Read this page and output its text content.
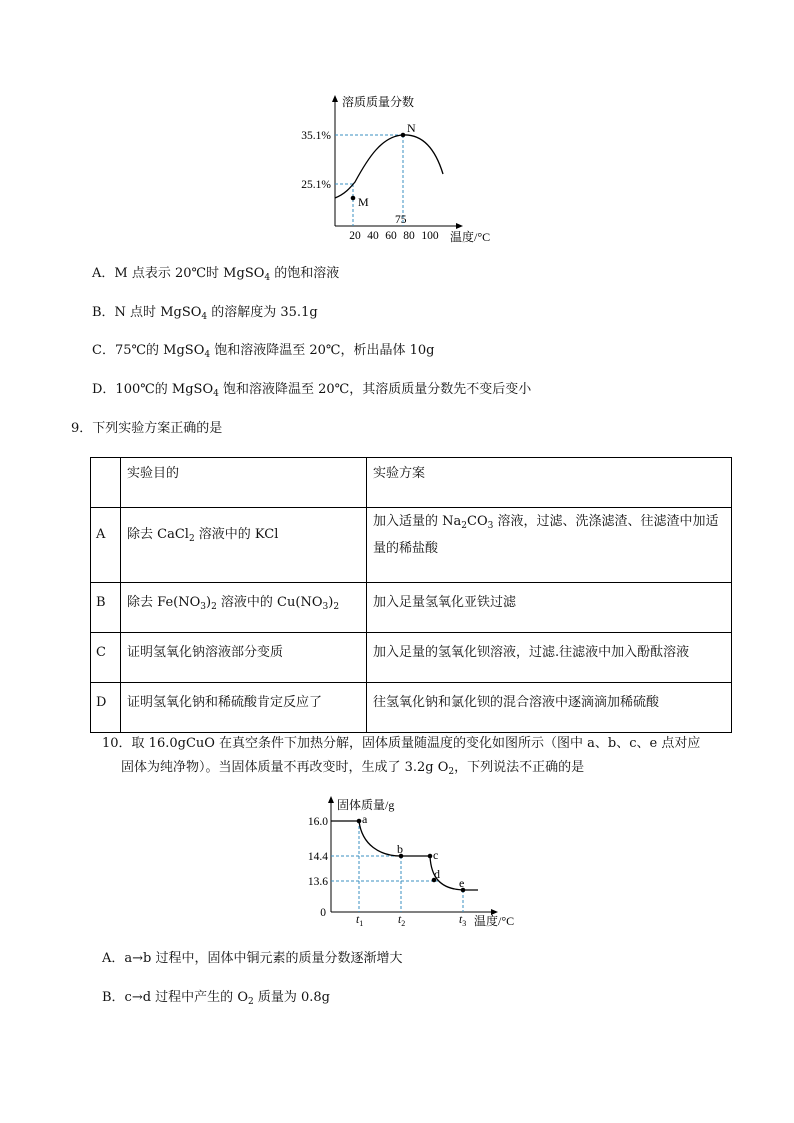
N
M
35.1%
25.1%
溶质质量分数
75
20 40 60 80 100 温度/°C
A．M 点表示 20℃时 MgSO$_4$ 的饱和溶液
B．N 点时 MgSO$_4$ 的溶解度为 35.1g
C．75℃的 MgSO$_4$ 饱和溶液降温至 20℃，析出晶体 10g
D．100℃的 MgSO$_4$ 饱和溶液降温至 20℃，其溶质质量分数先不变后变小
9．下列实验方案正确的是

	实验目的	实验方案

A	除去 CaCl$_2$ 溶液中的 KCl	加入适量的 $Na_2CO_3$ 溶液，过滤、洗涤滤渣、往滤渣中加适量的稀盐酸

B	除去 $Fe(NO_3)_2$ 溶液中的 $Cu(NO_3)_2$	加入足量氢氧化亚铁过滤

C	证明氢氧化钠溶液部分变质	加入足量的氢氧化钡溶液，过滤.往滤液中加入酚酞溶液

D	证明氢氧化钠和稀硫酸肯定反应了	往氢氧化钠和氯化钡的混合溶液中逐滴滴加稀硫酸
10．取 16.0gCuO 在真空条件下加热分解，固体质量随温度的变化如图所示（图中 a、b、c、e 点对应
固体为纯净物）。当固体质量不再改变时，生成了 3.2g $O_2$，下列说法不正确的是
a
b	c
d
e
16.0
14.4
13.6
0
固体质量/g
$t_1$	$t_2$	$t_3$ 温度/°C
A．a→b 过程中，固体中铜元素的质量分数逐渐增大
B．c→d 过程中产生的 $O_2$ 质量为 0.8g
